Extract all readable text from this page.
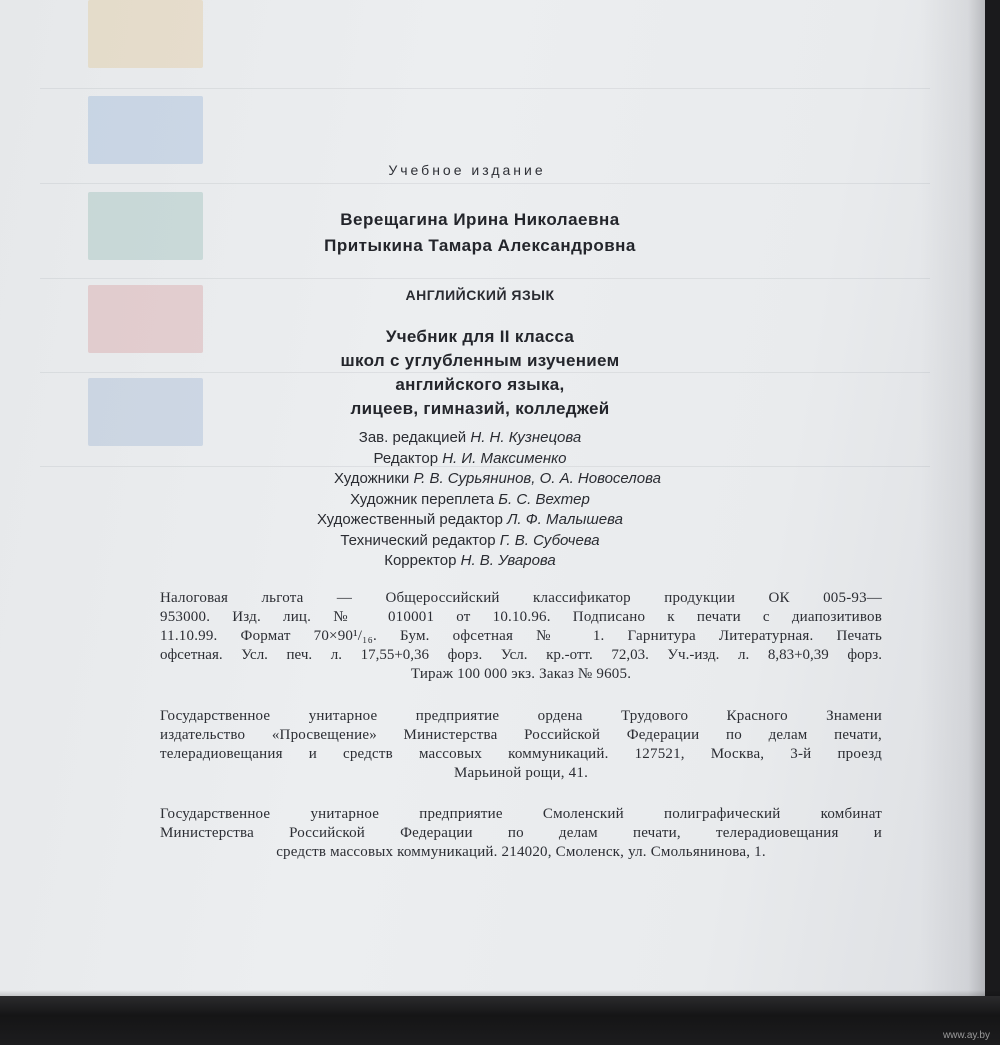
Учебное издание
Верещагина Ирина Николаевна
Притыкина Тамара Александровна
АНГЛИЙСКИЙ ЯЗЫК
Учебник для II класса
школ с углубленным изучением
английского языка,
лицеев, гимназий, колледжей
Зав. редакцией Н. Н. Кузнецова
Редактор Н. И. Максименко
Художники Р. В. Сурьянинов, О. А. Новоселова
Художник переплета Б. С. Вехтер
Художественный редактор Л. Ф. Малышева
Технический редактор Г. В. Субочева
Корректор Н. В. Уварова
Налоговая льгота — Общероссийский классификатор продукции ОК 005-93—
953000. Изд. лиц. № 010001 от 10.10.96. Подписано к печати с диапозитивов
11.10.99. Формат 70×90¹/₁₆. Бум. офсетная № 1. Гарнитура Литературная. Печать
офсетная. Усл. печ. л. 17,55+0,36 форз. Усл. кр.-отт. 72,03. Уч.-изд. л. 8,83+0,39 форз.
Тираж 100 000 экз. Заказ № 9605.
Государственное унитарное предприятие ордена Трудового Красного Знамени
издательство «Просвещение» Министерства Российской Федерации по делам печати,
телерадиовещания и средств массовых коммуникаций. 127521, Москва, 3-й проезд
Марьиной рощи, 41.
Государственное унитарное предприятие Смоленский полиграфический комбинат
Министерства Российской Федерации по делам печати, телерадиовещания и
средств массовых коммуникаций. 214020, Смоленск, ул. Смольянинова, 1.
www.ay.by
